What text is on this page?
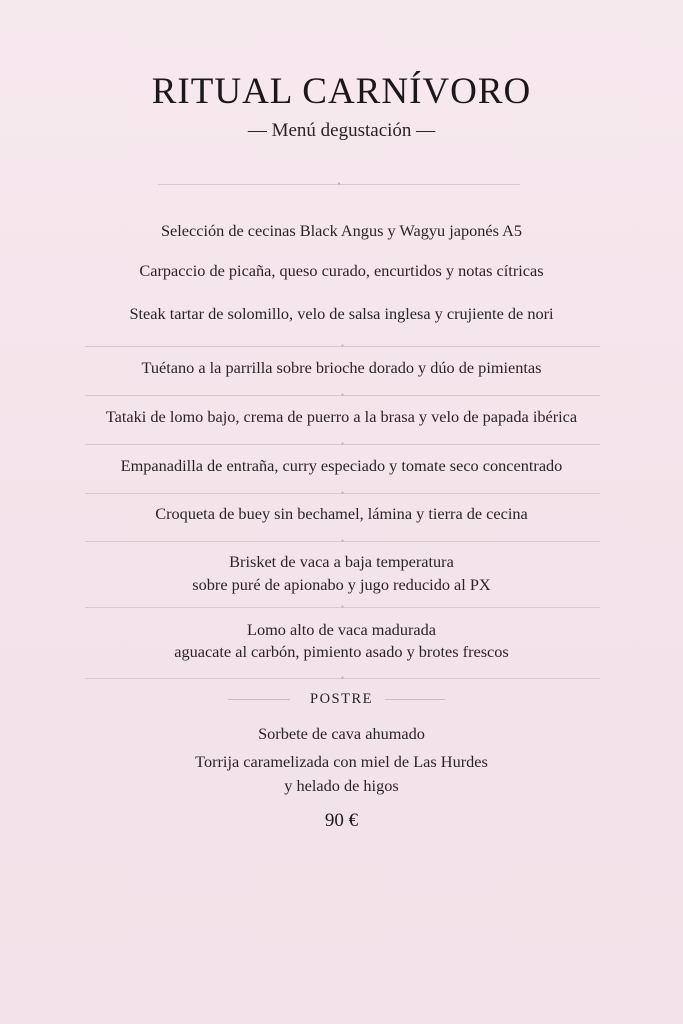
RITUAL CARNÍVORO
— Menú degustación —
●
Selección de cecinas Black Angus y Wagyu japonés A5
Carpaccio de picaña, queso curado, encurtidos y notas cítricas
Steak tartar de solomillo, velo de salsa inglesa y crujiente de nori
●
Tuétano a la parrilla sobre brioche dorado y dúo de pimientas
●
Tataki de lomo bajo, crema de puerro a la brasa y velo de papada ibérica
●
Empanadilla de entraña, curry especiado y tomate seco concentrado
●
Croqueta de buey sin bechamel, lámina y tierra de cecina
●
Brisket de vaca a baja temperatura
sobre puré de apionabo y jugo reducido al PX
●
Lomo alto de vaca madurada
aguacate al carbón, pimiento asado y brotes frescos
●
POSTRE
Sorbete de cava ahumado
Torrija caramelizada con miel de Las Hurdes
y helado de higos
90 €
